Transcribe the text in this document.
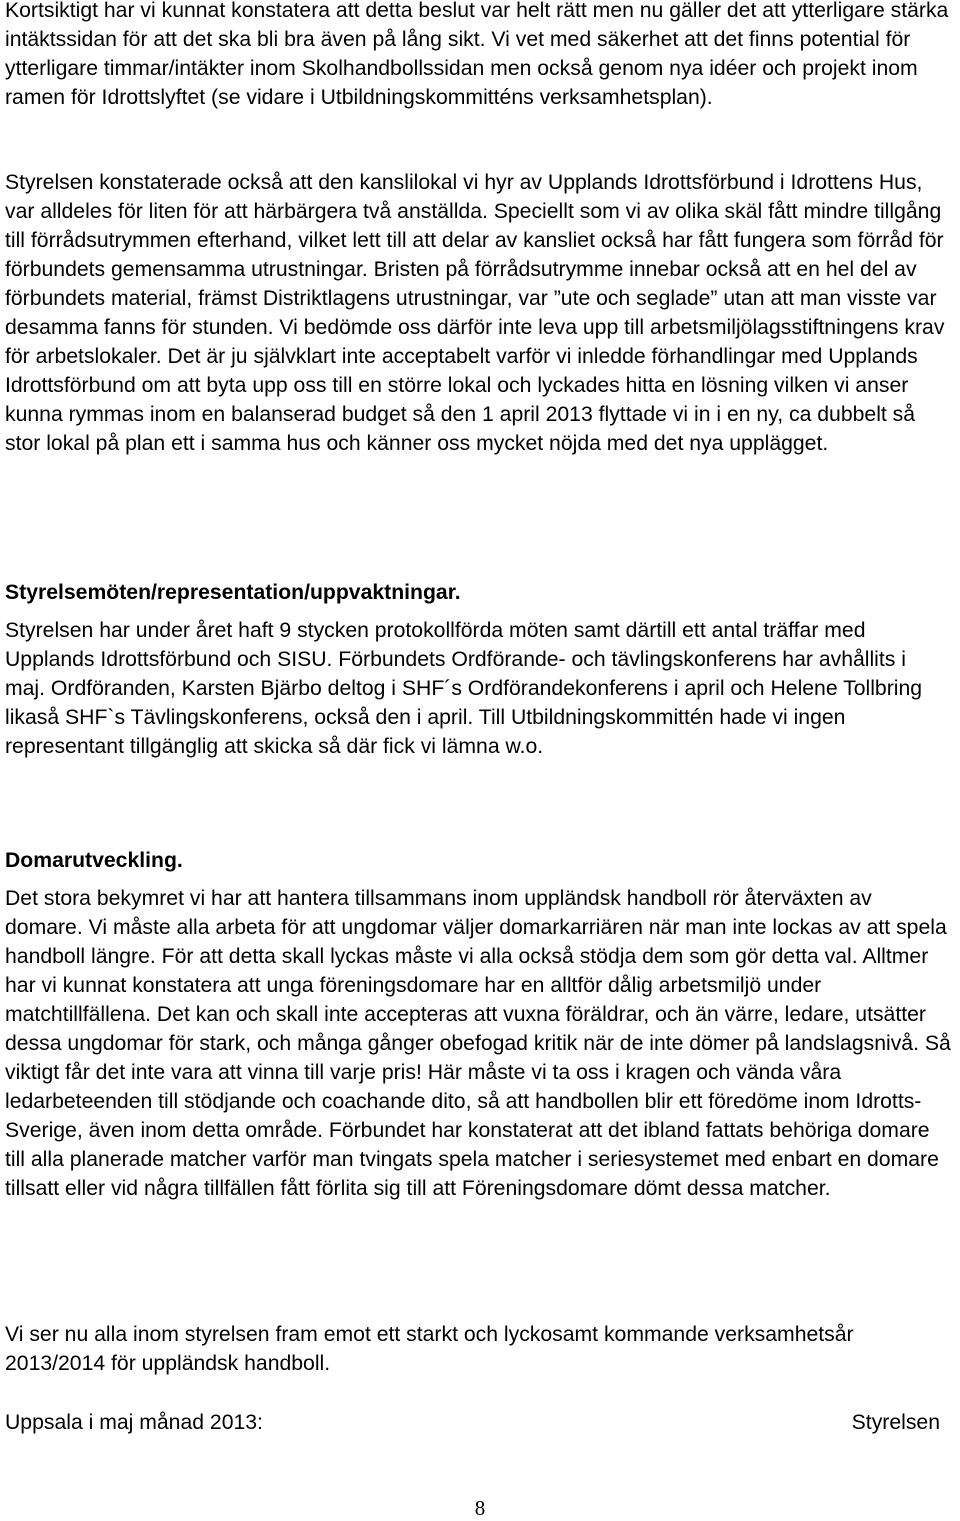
Kortsiktigt har vi kunnat konstatera att detta beslut var helt rätt men nu gäller det att ytterligare stärka intäktssidan för att det ska bli bra även på lång sikt. Vi vet med säkerhet att det finns potential för ytterligare timmar/intäkter inom Skolhandbollssidan men också genom nya idéer och projekt inom ramen för Idrottslyftet (se vidare i Utbildningskommitténs verksamhetsplan).

Styrelsen konstaterade också att den kanslilokal vi hyr av Upplands Idrottsförbund i Idrottens Hus, var alldeles för liten för att härbärgera två anställda. Speciellt som vi av olika skäl fått mindre tillgång till förrådsutrymmen efterhand, vilket lett till att delar av kansliet också har fått fungera som förråd för förbundets gemensamma utrustningar. Bristen på förrådsutrymme innebar också att en hel del av förbundets material, främst Distriktlagens utrustningar, var ”ute och seglade” utan att man visste var desamma fanns för stunden. Vi bedömde oss därför inte leva upp till arbetsmiljölagsstiftningens krav för arbetslokaler. Det är ju självklart inte acceptabelt varför vi inledde förhandlingar med Upplands Idrottsförbund om att byta upp oss till en större lokal och lyckades hitta en lösning vilken vi anser kunna rymmas inom en balanserad budget så den 1 april 2013 flyttade vi in i en ny, ca dubbelt så stor lokal på plan ett i samma hus och känner oss mycket nöjda med det nya upplägget.

Styrelsemöten/representation/uppvaktningar.

Styrelsen har under året haft 9 stycken protokollförda möten samt därtill ett antal träffar med Upplands Idrottsförbund och SISU. Förbundets Ordförande- och tävlingskonferens har avhållits i maj. Ordföranden, Karsten Bjärbo deltog i SHF´s Ordförandekonferens i april och Helene Tollbring likaså SHF`s Tävlingskonferens, också den i april. Till Utbildningskommittén hade vi ingen representant tillgänglig att skicka så där fick vi lämna w.o.

Domarutveckling.

Det stora bekymret vi har att hantera tillsammans inom uppländsk handboll rör återväxten av domare. Vi måste alla arbeta för att ungdomar väljer domarkarriären när man inte lockas av att spela handboll längre. För att detta skall lyckas måste vi alla också stödja dem som gör detta val. Alltmer har vi kunnat konstatera att unga föreningsdomare har en alltför dålig arbetsmiljö under matchtillfällena. Det kan och skall inte accepteras att vuxna föräldrar, och än värre, ledare, utsätter dessa ungdomar för stark, och många gånger obefogad kritik när de inte dömer på landslagsnivå. Så viktigt får det inte vara att vinna till varje pris! Här måste vi ta oss i kragen och vända våra ledarbeteenden till stödjande och coachande dito, så att handbollen blir ett föredöme inom Idrotts-Sverige, även inom detta område. Förbundet har konstaterat att det ibland fattats behöriga domare till alla planerade matcher varför man tvingats spela matcher i seriesystemet med enbart en domare tillsatt eller vid några tillfällen fått förlita sig till att Föreningsdomare dömt dessa matcher.

Vi ser nu alla inom styrelsen fram emot ett starkt och lyckosamt kommande verksamhetsår 2013/2014 för uppländsk handboll.

Uppsala i maj månad 2013:	Styrelsen
8
